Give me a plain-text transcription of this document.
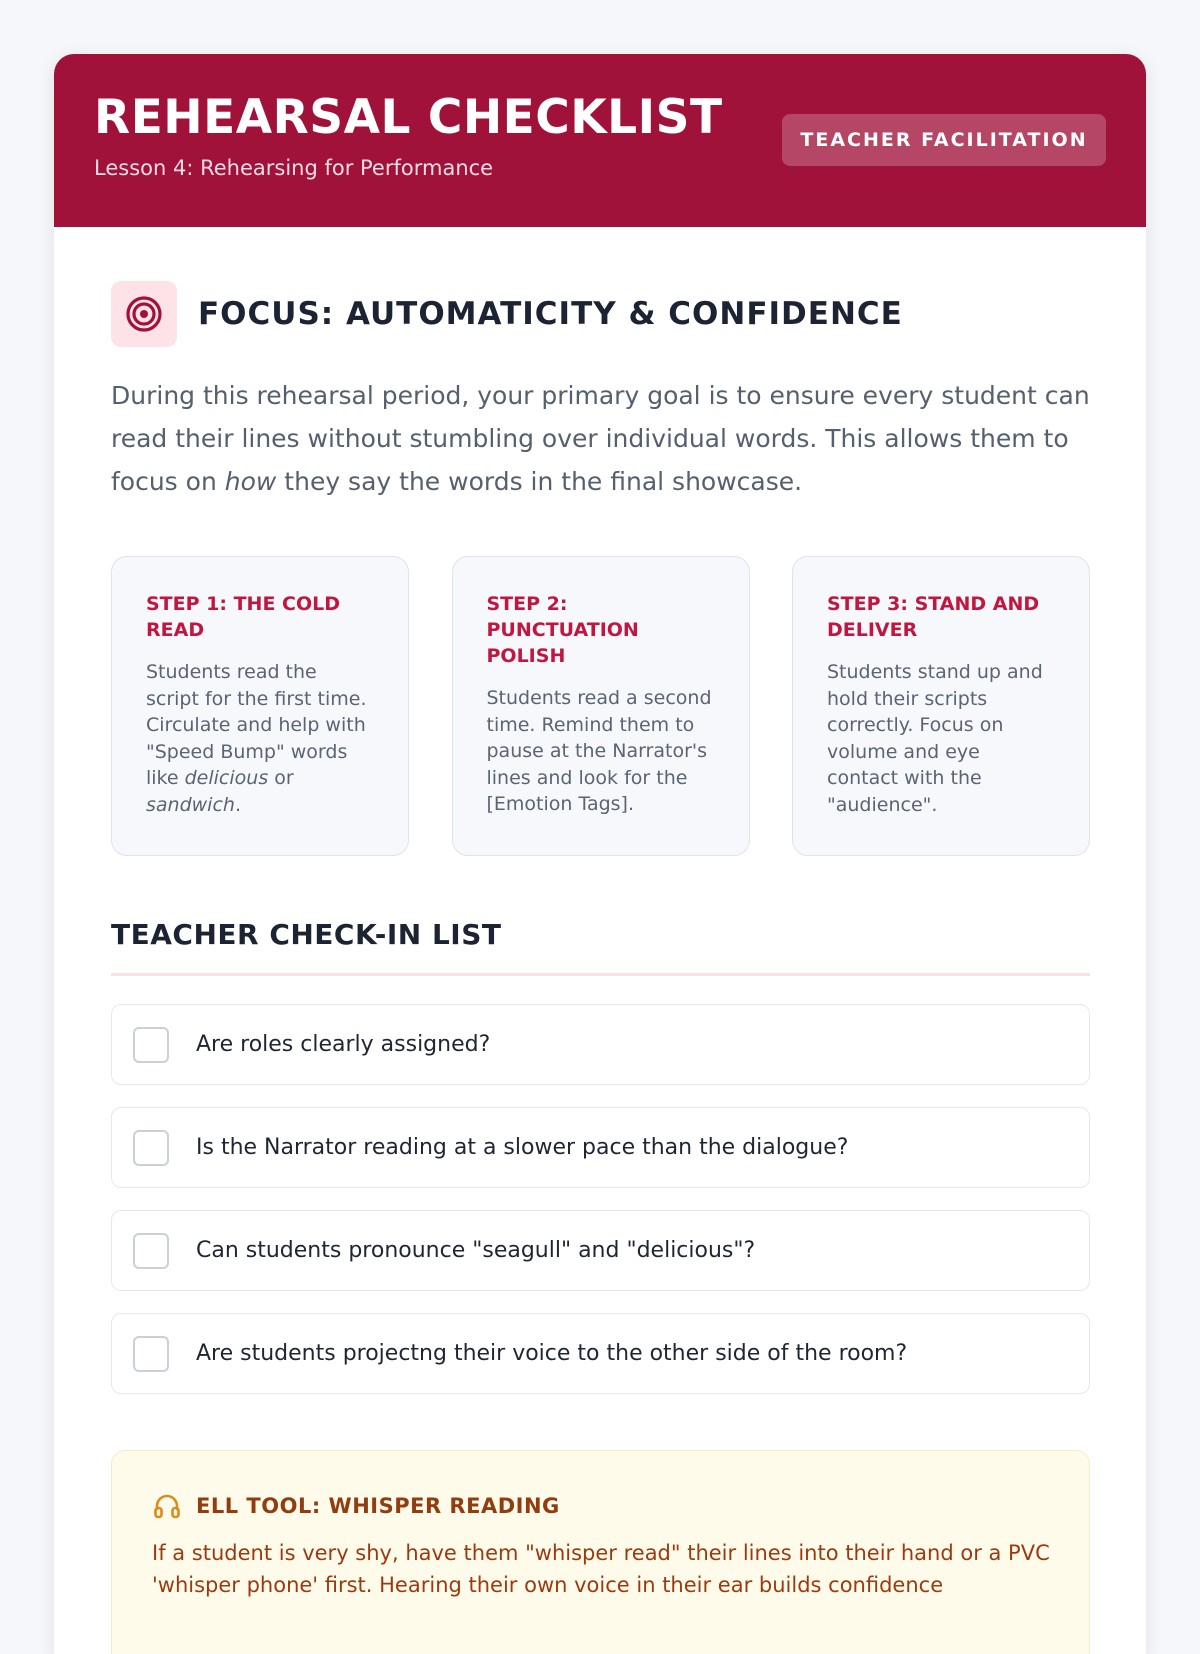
REHEARSAL CHECKLIST
Lesson 4: Rehearsing for Performance
TEACHER FACILITATION
FOCUS: AUTOMATICITY & CONFIDENCE

During this rehearsal period, your primary goal is to ensure every student can read their lines without stumbling over individual words. This allows them to focus on how they say the words in the final showcase.

STEP 1: THE COLD READ
Students read the script for the first time. Circulate and help with "Speed Bump" words like delicious or sandwich.
STEP 2: PUNCTUATION POLISH
Students read a second time. Remind them to pause at the Narrator's lines and look for the [Emotion Tags].
STEP 3: STAND AND DELIVER
Students stand up and hold their scripts correctly. Focus on volume and eye contact with the "audience".
TEACHER CHECK-IN LIST
Are roles clearly assigned?
Is the Narrator reading at a slower pace than the dialogue?
Can students pronounce "seagull" and "delicious"?
Are students projectng their voice to the other side of the room?
ELL TOOL: WHISPER READING
If a student is very shy, have them "whisper read" their lines into their hand or a PVC 'whisper phone' first. Hearing their own voice in their ear builds confidence
